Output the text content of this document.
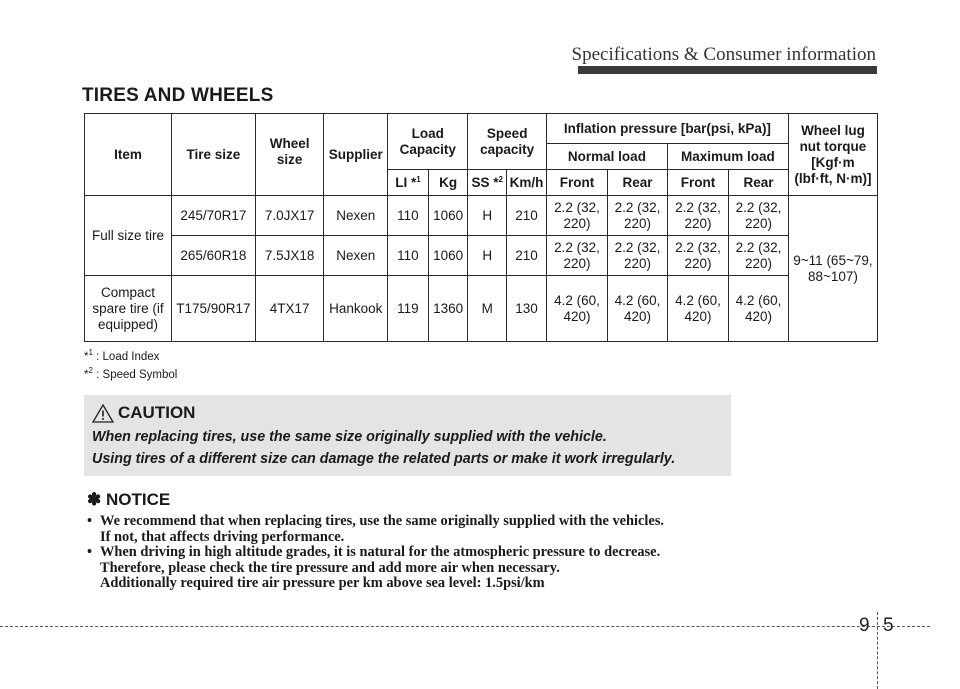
Specifications & Consumer information
TIRES AND WHEELS
Item	Tire size	Wheel size	Supplier	Load Capacity		Speed capacity		Inflation pressure [bar(psi, kPa)]				Wheel lug nut torque [Kgf·m (lbf·ft, N·m)]
								Normal load		Maximum load		
				LI *$^1$	Kg	SS *$^2$	Km/h	Front	Rear	Front	Rear	
Full size tire	245/70R17	7.0JX17	Nexen	110	1060	H	210	2.2 (32, 220)	2.2 (32, 220)	2.2 (32, 220)	2.2 (32, 220)	9~11 (65~79, 88~107)
	265/60R18	7.5JX18	Nexen	110	1060	H	210	2.2 (32, 220)	2.2 (32, 220)	2.2 (32, 220)	2.2 (32, 220)	
Compact spare tire (if equipped)	T175/90R17	4TX17	Hankook	119	1360	M	130	4.2 (60, 420)	4.2 (60, 420)	4.2 (60, 420)	4.2 (60, 420)	
*$^1$ : Load Index
*$^2$ : Speed Symbol
CAUTION
When replacing tires, use the same size originally supplied with the vehicle.
Using tires of a different size can damage the related parts or make it work irregularly.
✽ NOTICE
• We recommend that when replacing tires, use the same originally supplied with the vehicles.
If not, that affects driving performance.
• When driving in high altitude grades, it is natural for the atmospheric pressure to decrease.
Therefore, please check the tire pressure and add more air when necessary.
Additionally required tire air pressure per km above sea level: 1.5psi/km
9 5
